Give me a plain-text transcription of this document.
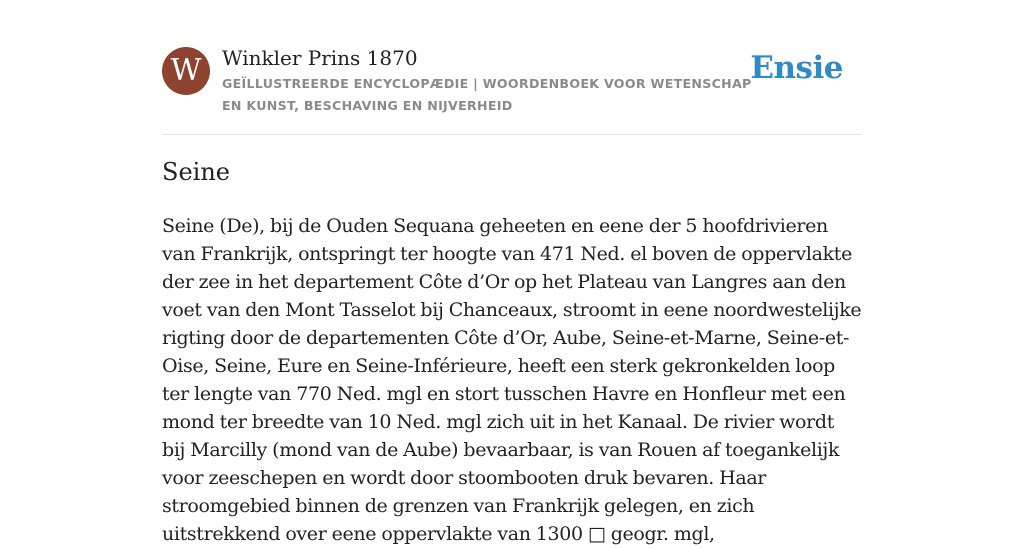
W	Winkler Prins 1870
GEÏLLUSTREERDE ENCYCLOPÆDIE | WOORDENBOEK VOOR WETENSCHAP EN KUNST, BESCHAVING EN NIJVERHEID
Ensie
Seine

Seine (De), bij de Ouden Sequana geheeten en eene der 5 hoofdrivieren van Frankrijk, ontspringt ter hoogte van 471 Ned. el boven de oppervlakte der zee in het departement Côte d’Or op het Plateau van Langres aan den voet van den Mont Tasselot bij Chanceaux, stroomt in eene noordwestelijke rigting door de departementen Côte d’Or, Aube, Seine-et-Marne, Seine-et-Oise, Seine, Eure en Seine-Inférieure, heeft een sterk gekronkelden loop ter lengte van 770 Ned. mgl en stort tusschen Havre en Honfleur met een mond ter breedte van 10 Ned. mgl zich uit in het Kanaal. De rivier wordt bij Marcilly (mond van de Aube) bevaarbaar, is van Rouen af toegankelijk voor zeeschepen en wordt door stoombooten druk bevaren. Haar stroomgebied binnen de grenzen van Frankrijk gelegen, en zich uitstrekkend over eene oppervlakte van 1300 □ geogr. mgl,
